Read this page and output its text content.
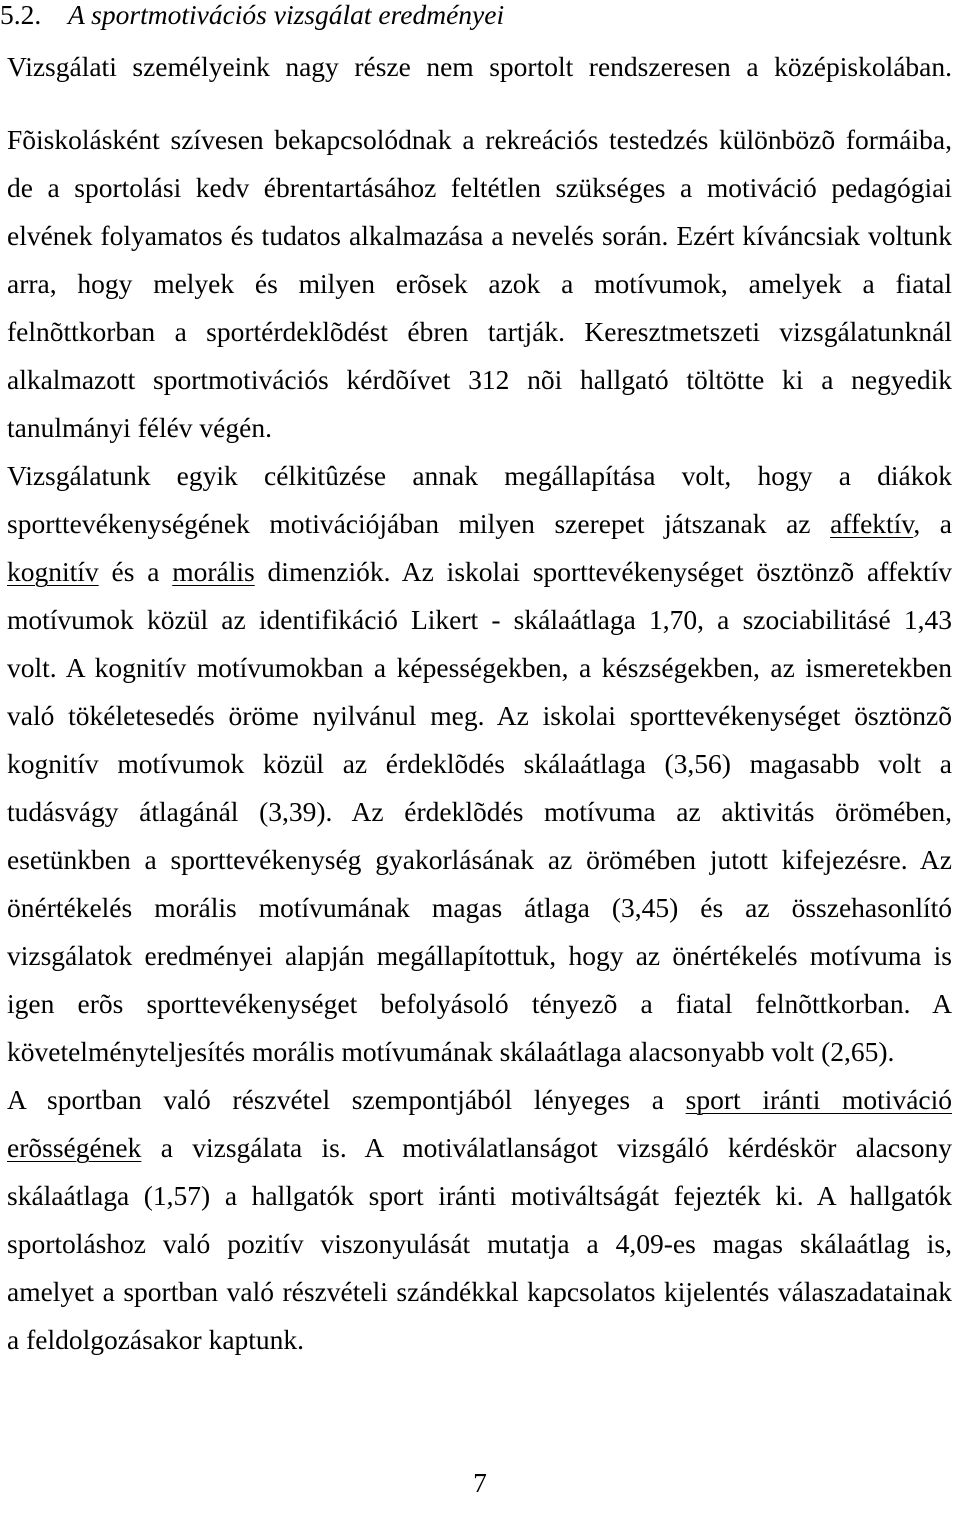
5.2. A sportmotivációs vizsgálat eredményei
Vizsgálati személyeink nagy része nem sportolt rendszeresen a középiskolában.
Fõiskolásként szívesen bekapcsolódnak a rekreációs testedzés különbözõ formáiba,
de a sportolási kedv ébrentartásához feltétlen szükséges a motiváció pedagógiai
elvének folyamatos és tudatos alkalmazása a nevelés során. Ezért kíváncsiak voltunk
arra, hogy melyek és milyen erõsek azok a motívumok, amelyek a fiatal
felnõttkorban a sportérdeklõdést ébren tartják. Keresztmetszeti vizsgálatunknál
alkalmazott sportmotivációs kérdõívet 312 nõi hallgató töltötte ki a negyedik
tanulmányi félév végén.
Vizsgálatunk egyik célkitûzése annak megállapítása volt, hogy a diákok
sporttevékenységének motivációjában milyen szerepet játszanak az affektív, a
kognitív és a morális dimenziók. Az iskolai sporttevékenységet ösztönzõ affektív
motívumok közül az identifikáció Likert - skálaátlaga 1,70, a szociabilitásé 1,43
volt. A kognitív motívumokban a képességekben, a készségekben, az ismeretekben
való tökéletesedés öröme nyilvánul meg. Az iskolai sporttevékenységet ösztönzõ
kognitív motívumok közül az érdeklõdés skálaátlaga (3,56) magasabb volt a
tudásvágy átlagánál (3,39). Az érdeklõdés motívuma az aktivitás örömében,
esetünkben a sporttevékenység gyakorlásának az örömében jutott kifejezésre. Az
önértékelés morális motívumának magas átlaga (3,45) és az összehasonlító
vizsgálatok eredményei alapján megállapítottuk, hogy az önértékelés motívuma is
igen erõs sporttevékenységet befolyásoló tényezõ a fiatal felnõttkorban. A
követelményteljesítés morális motívumának skálaátlaga alacsonyabb volt (2,65).
A sportban való részvétel szempontjából lényeges a sport iránti motiváció
erõsségének a vizsgálata is. A motiválatlanságot vizsgáló kérdéskör alacsony
skálaátlaga (1,57) a hallgatók sport iránti motiváltságát fejezték ki. A hallgatók
sportoláshoz való pozitív viszonyulását mutatja a 4,09-es magas skálaátlag is,
amelyet a sportban való részvételi szándékkal kapcsolatos kijelentés válaszadatainak
a feldolgozásakor kaptunk.
7
